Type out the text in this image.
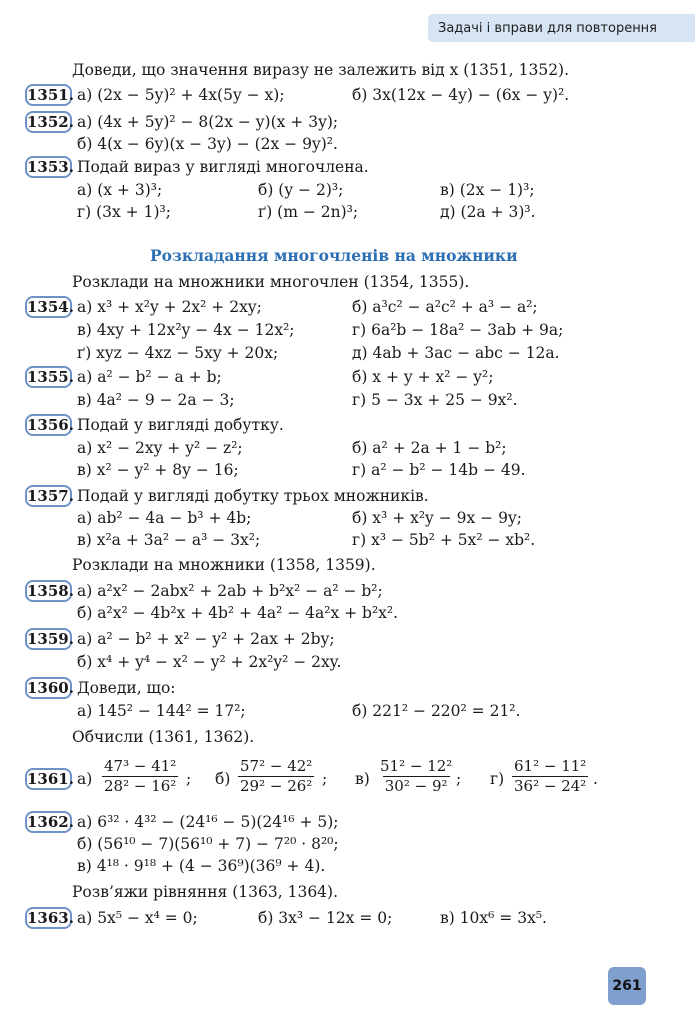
Задачі і вправи для повторення
Доведи, що значення виразу не залежить від x (1351, 1352).
1351. а) (2x − 5y)² + 4x(5y − x);	б) 3x(12x − 4y) − (6x − y)².
1352. а) (4x + 5y)² − 8(2x − y)(x + 3y);
б) 4(x − 6y)(x − 3y) − (2x − 9y)².
1353. Подай вираз у вигляді многочлена.
а) (x + 3)³;	б) (y − 2)³;	в) (2x − 1)³;
г) (3x + 1)³;	ґ) (m − 2n)³;	д) (2a + 3)³.
Розкладання многочленів на множники
Розклади на множники многочлен (1354, 1355).
1354. а) x³ + x²y + 2x² + 2xy;	б) a³c² − a²c² + a³ − a²;
в) 4xy + 12x²y − 4x − 12x²;	г) 6a²b − 18a² − 3ab + 9a;
ґ) xyz − 4xz − 5xy + 20x;	д) 4ab + 3ac − abc − 12a.
1355. а) a² − b² − a + b;	б) x + y + x² − y²;
в) 4a² − 9 − 2a − 3;	г) 5 − 3x + 25 − 9x².
1356. Подай у вигляді добутку.
а) x² − 2xy + y² − z²;	б) a² + 2a + 1 − b²;
в) x² − y² + 8y − 16;	г) a² − b² − 14b − 49.
1357. Подай у вигляді добутку трьох множників.
а) ab² − 4a − b³ + 4b;	б) x³ + x²y − 9x − 9y;
в) x²a + 3a² − a³ − 3x²;	г) x³ − 5b² + 5x² − xb².
Розклади на множники (1358, 1359).
1358. а) a²x² − 2abx² + 2ab + b²x² − a² − b²;
б) a²x² − 4b²x + 4b² + 4a² − 4a²x + b²x².
1359. а) a² − b² + x² − y² + 2ax + 2by;
б) x⁴ + y⁴ − x² − y² + 2x²y² − 2xy.
1360. Доведи, що:
а) 145² − 144² = 17²;	б) 221² − 220² = 21².
Обчисли (1361, 1362).
1361. $а) \frac{\text{47³ − 41²}}{\text{28² − 16²}}$ ; $б) \frac{\text{57² − 42²}}{\text{29² − 26²}}$ ; $в) \frac{\text{51² − 12²}}{\text{30² − 9²}}$ ; $г) \frac{\text{61² − 11²}}{\text{36² − 24²}}$ .
1362. а) 6³² · 4³² − (24¹⁶ − 5)(24¹⁶ + 5);
б) (56¹⁰ − 7)(56¹⁰ + 7) − 7²⁰ · 8²⁰;
в) 4¹⁸ · 9¹⁸ + (4 − 36⁹)(36⁹ + 4).
Розв’яжи рівняння (1363, 1364).
1363. а) 5x⁵ − x⁴ = 0;	б) 3x³ − 12x = 0;	в) 10x⁶ = 3x⁵.
261
